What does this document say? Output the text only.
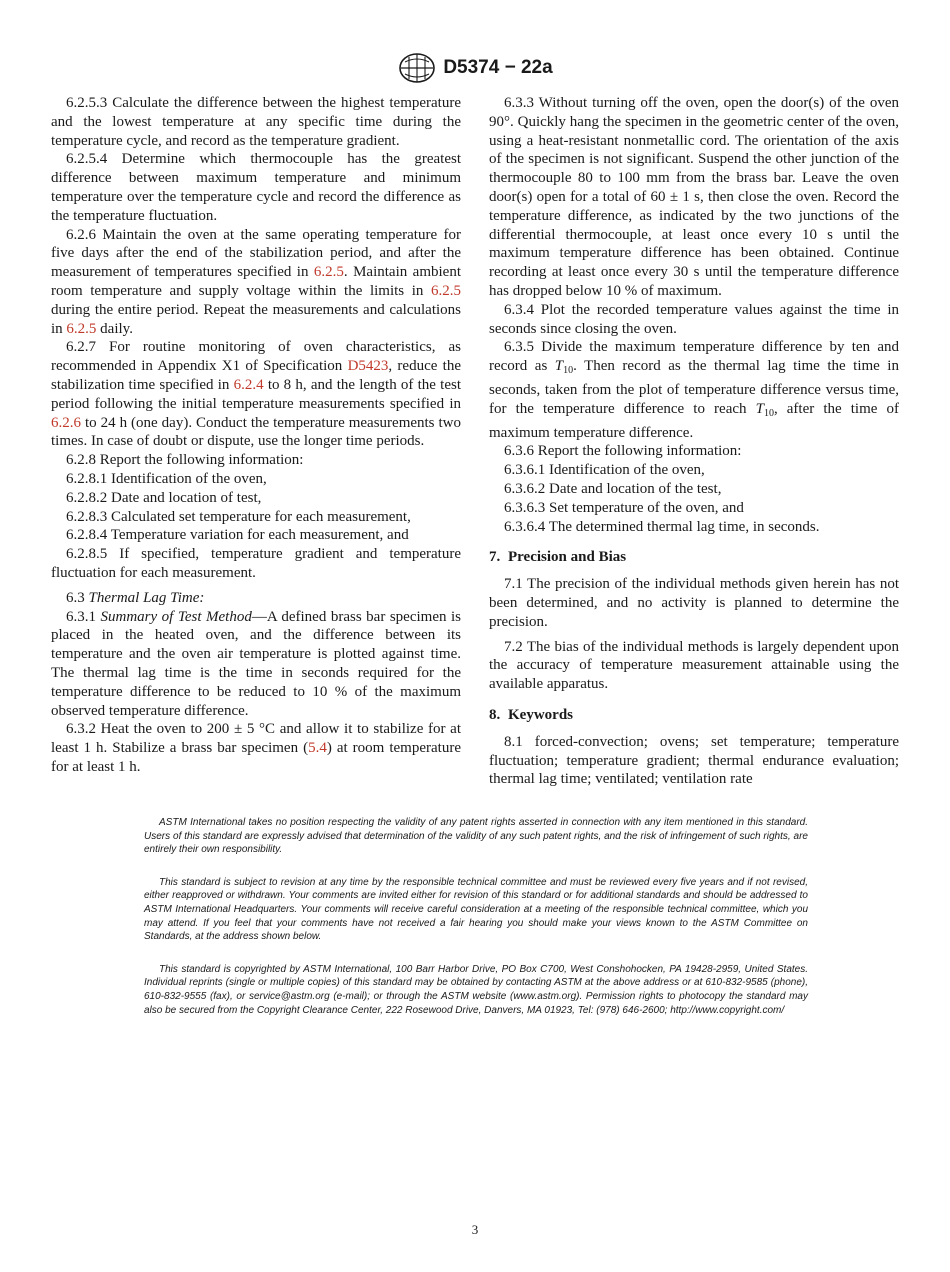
D5374 − 22a

6.2.5.3 Calculate the difference between the highest temperature and the lowest temperature at any specific time during the temperature cycle, and record as the temperature gradient.

6.2.5.4 Determine which thermocouple has the greatest difference between maximum temperature and minimum temperature over the temperature cycle and record the difference as the temperature fluctuation.

6.2.6 Maintain the oven at the same operating temperature for five days after the end of the stabilization period, and after the measurement of temperatures specified in 6.2.5. Maintain ambient room temperature and supply voltage within the limits in 6.2.5 during the entire period. Repeat the measurements and calculations in 6.2.5 daily.

6.2.7 For routine monitoring of oven characteristics, as recommended in Appendix X1 of Specification D5423, reduce the stabilization time specified in 6.2.4 to 8 h, and the length of the test period following the initial temperature measurements specified in 6.2.6 to 24 h (one day). Conduct the temperature measurements two times. In case of doubt or dispute, use the longer time periods.

6.2.8 Report the following information:

6.2.8.1 Identification of the oven,

6.2.8.2 Date and location of test,

6.2.8.3 Calculated set temperature for each measurement,

6.2.8.4 Temperature variation for each measurement, and

6.2.8.5 If specified, temperature gradient and temperature fluctuation for each measurement.

6.3 Thermal Lag Time:

6.3.1 Summary of Test Method—A defined brass bar specimen is placed in the heated oven, and the difference between its temperature and the oven air temperature is plotted against time. The thermal lag time is the time in seconds required for the temperature difference to be reduced to 10 % of the maximum observed temperature difference.

6.3.2 Heat the oven to 200 ± 5 °C and allow it to stabilize for at least 1 h. Stabilize a brass bar specimen (5.4) at room temperature for at least 1 h.

6.3.3 Without turning off the oven, open the door(s) of the oven 90°. Quickly hang the specimen in the geometric center of the oven, using a heat-resistant nonmetallic cord. The orientation of the axis of the specimen is not significant. Suspend the other junction of the thermocouple 80 to 100 mm from the brass bar. Leave the oven door(s) open for a total of 60 ± 1 s, then close the oven. Record the temperature difference, as indicated by the two junctions of the differential thermocouple, at least once every 10 s until the maximum temperature difference has been obtained. Continue recording at least once every 30 s until the temperature difference has dropped below 10 % of maximum.

6.3.4 Plot the recorded temperature values against the time in seconds since closing the oven.

6.3.5 Divide the maximum temperature difference by ten and record as $T_{10}$. Then record as the thermal lag time the time in seconds, taken from the plot of temperature difference versus time, for the temperature difference to reach $T_{10}$, after the time of maximum temperature difference.

6.3.6 Report the following information:

6.3.6.1 Identification of the oven,

6.3.6.2 Date and location of the test,

6.3.6.3 Set temperature of the oven, and

6.3.6.4 The determined thermal lag time, in seconds.

7. Precision and Bias

7.1 The precision of the individual methods given herein has not been determined, and no activity is planned to determine the precision.

7.2 The bias of the individual methods is largely dependent upon the accuracy of temperature measurement attainable using the available apparatus.

8. Keywords

8.1 forced-convection; ovens; set temperature; temperature fluctuation; temperature gradient; thermal endurance evaluation; thermal lag time; ventilated; ventilation rate

ASTM International takes no position respecting the validity of any patent rights asserted in connection with any item mentioned in this standard. Users of this standard are expressly advised that determination of the validity of any such patent rights, and the risk of infringement of such rights, are entirely their own responsibility.

This standard is subject to revision at any time by the responsible technical committee and must be reviewed every five years and if not revised, either reapproved or withdrawn. Your comments are invited either for revision of this standard or for additional standards and should be addressed to ASTM International Headquarters. Your comments will receive careful consideration at a meeting of the responsible technical committee, which you may attend. If you feel that your comments have not received a fair hearing you should make your views known to the ASTM Committee on Standards, at the address shown below.

This standard is copyrighted by ASTM International, 100 Barr Harbor Drive, PO Box C700, West Conshohocken, PA 19428-2959, United States. Individual reprints (single or multiple copies) of this standard may be obtained by contacting ASTM at the above address or at 610-832-9585 (phone), 610-832-9555 (fax), or service@astm.org (e-mail); or through the ASTM website (www.astm.org). Permission rights to photocopy the standard may also be secured from the Copyright Clearance Center, 222 Rosewood Drive, Danvers, MA 01923, Tel: (978) 646-2600; http://www.copyright.com/

3
